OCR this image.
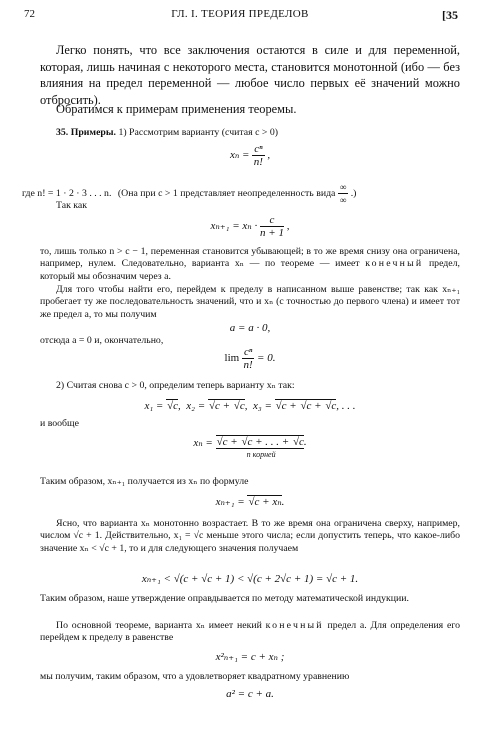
72	ГЛ. I. ТЕОРИЯ ПРЕДЕЛОВ	[35
Легко понять, что все заключения остаются в силе и для переменной, которая, лишь начиная с некоторого места, становится монотонной (ибо — без влияния на предел переменной — любое число первых её значений можно отбросить).
Обратимся к примерам применения теоремы.
35. Примеры. 1) Рассмотрим варианту (считая c > 0)
$x_n = \frac{\text{cⁿ}}{n!}$ ,
где n! = 1 · 2 · 3 . . . n. (Она при c > 1 представляет неопределенность вида $\frac{\infty}{\infty}$ .)
Так как
$x_{n+1} = x_n \cdot \frac{c}{n + 1}$ ,
то, лишь только n > c − 1, переменная становится убывающей; в то же время снизу она ограничена, например, нулем. Следовательно, варианта xₙ — по теореме — имеет конечный предел, который мы обозначим через a.
Для того чтобы найти его, перейдем к пределу в написанном выше равенстве; так как xₙ₊₁ пробегает ту же последовательность значений, что и xₙ (с точностью до первого члена) и имеет тот же предел a, то мы получим
a = a · 0,
отсюда a = 0 и, окончательно,
$\lim \frac{\text{cⁿ}}{n!} = 0$.
2) Считая снова c > 0, определим теперь варианту xₙ так:
x₁ = √ c, x₂ = √ c + √ c, x₃ = √ c + √ c + √ c, . . .
и вообще
xₙ = √ c + √ c + . . . + √ c.
n корней
Таким образом, xₙ₊₁ получается из xₙ по формуле
xₙ₊₁ = √ c + xₙ.
Ясно, что варианта xₙ монотонно возрастает. В то же время она ограничена сверху, например, числом √c + 1. Действительно, x₁ = √c меньше этого числа; если допустить теперь, что какое-либо значение xₙ < √c + 1, то и для следующего значения получаем
xₙ₊₁ < √(c + √c + 1) < √(c + 2√c + 1) = √c + 1.
Таким образом, наше утверждение оправдывается по методу математической индукции.
По основной теореме, варианта xₙ имеет некий конечный предел a. Для определения его перейдем к пределу в равенстве
x²ₙ₊₁ = c + xₙ ;
мы получим, таким образом, что a удовлетворяет квадратному уравнению
a² = c + a.
